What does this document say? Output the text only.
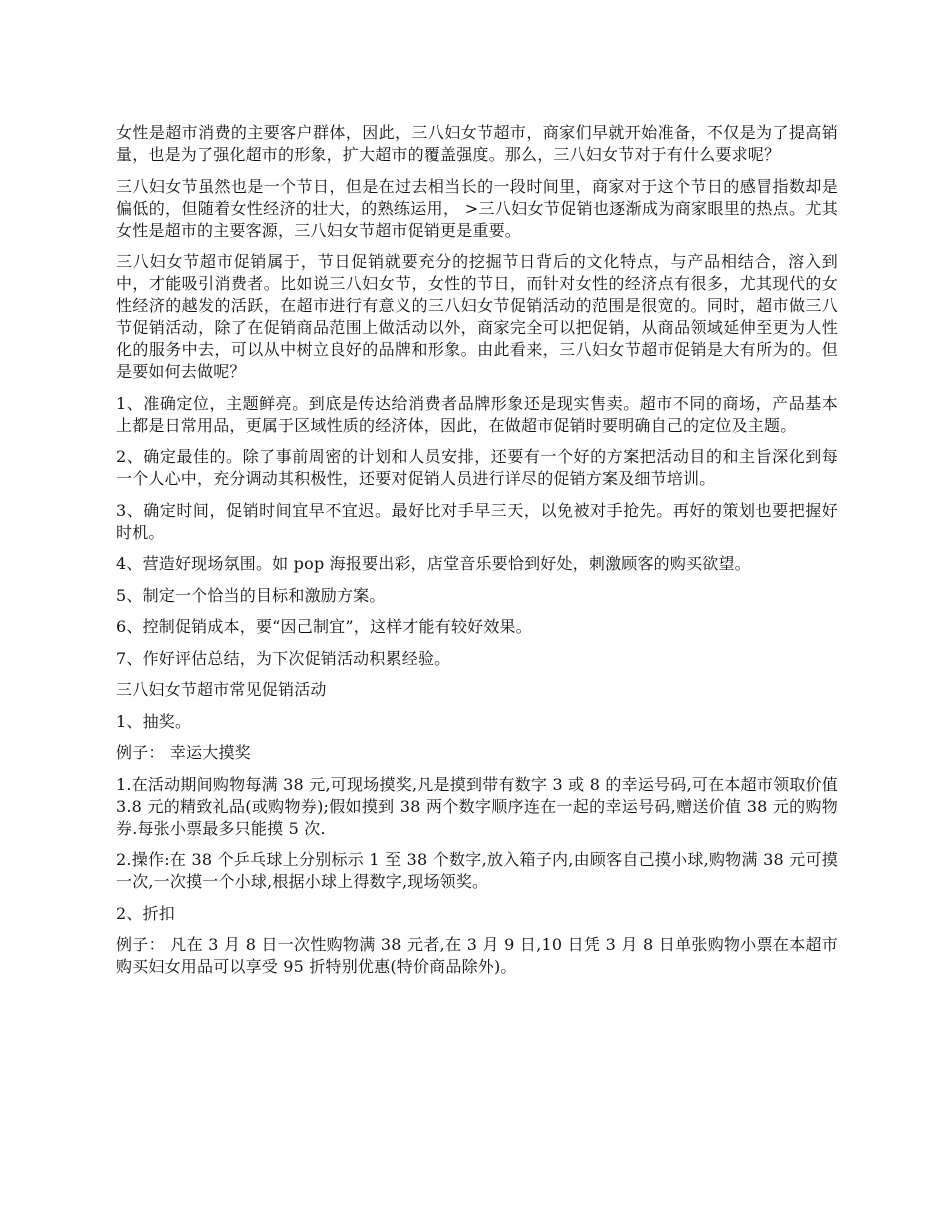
女性是超市消费的主要客户群体，因此，三八妇女节超市，商家们早就开始准备，不仅是为了提高销量，也是为了强化超市的形象，扩大超市的覆盖强度。那么，三八妇女节对于有什么要求呢？

三八妇女节虽然也是一个节日，但是在过去相当长的一段时间里，商家对于这个节日的感冒指数却是偏低的，但随着女性经济的壮大，的熟练运用， >三八妇女节促销也逐渐成为商家眼里的热点。尤其女性是超市的主要客源，三八妇女节超市促销更是重要。

三八妇女节超市促销属于，节日促销就要充分的挖掘节日背后的文化特点，与产品相结合，溶入到中，才能吸引消费者。比如说三八妇女节，女性的节日，而针对女性的经济点有很多，尤其现代的女性经济的越发的活跃，在超市进行有意义的三八妇女节促销活动的范围是很宽的。同时，超市做三八节促销活动，除了在促销商品范围上做活动以外，商家完全可以把促销，从商品领域延伸至更为人性化的服务中去，可以从中树立良好的品牌和形象。由此看来，三八妇女节超市促销是大有所为的。但是要如何去做呢？

1、准确定位，主题鲜亮。到底是传达给消费者品牌形象还是现实售卖。超市不同的商场，产品基本上都是日常用品，更属于区域性质的经济体，因此，在做超市促销时要明确自己的定位及主题。

2、确定最佳的。除了事前周密的计划和人员安排，还要有一个好的方案把活动目的和主旨深化到每一个人心中，充分调动其积极性，还要对促销人员进行详尽的促销方案及细节培训。

3、确定时间，促销时间宜早不宜迟。最好比对手早三天，以免被对手抢先。再好的策划也要把握好时机。

4、营造好现场氛围。如 pop 海报要出彩，店堂音乐要恰到好处，刺激顾客的购买欲望。

5、制定一个恰当的目标和激励方案。

6、控制促销成本，要“因己制宜”，这样才能有较好效果。

7、作好评估总结，为下次促销活动积累经验。

三八妇女节超市常见促销活动

1、抽奖。

例子： 幸运大摸奖

1.在活动期间购物每满 38 元,可现场摸奖,凡是摸到带有数字 3 或 8 的幸运号码,可在本超市领取价值 3.8 元的精致礼品(或购物券);假如摸到 38 两个数字顺序连在一起的幸运号码,赠送价值 38 元的购物券.每张小票最多只能摸 5 次.

2.操作:在 38 个乒乓球上分别标示 1 至 38 个数字,放入箱子内,由顾客自己摸小球,购物满 38 元可摸一次,一次摸一个小球,根据小球上得数字,现场领奖。

2、折扣

例子： 凡在 3 月 8 日一次性购物满 38 元者,在 3 月 9 日,10 日凭 3 月 8 日单张购物小票在本超市购买妇女用品可以享受 95 折特别优惠(特价商品除外)。
